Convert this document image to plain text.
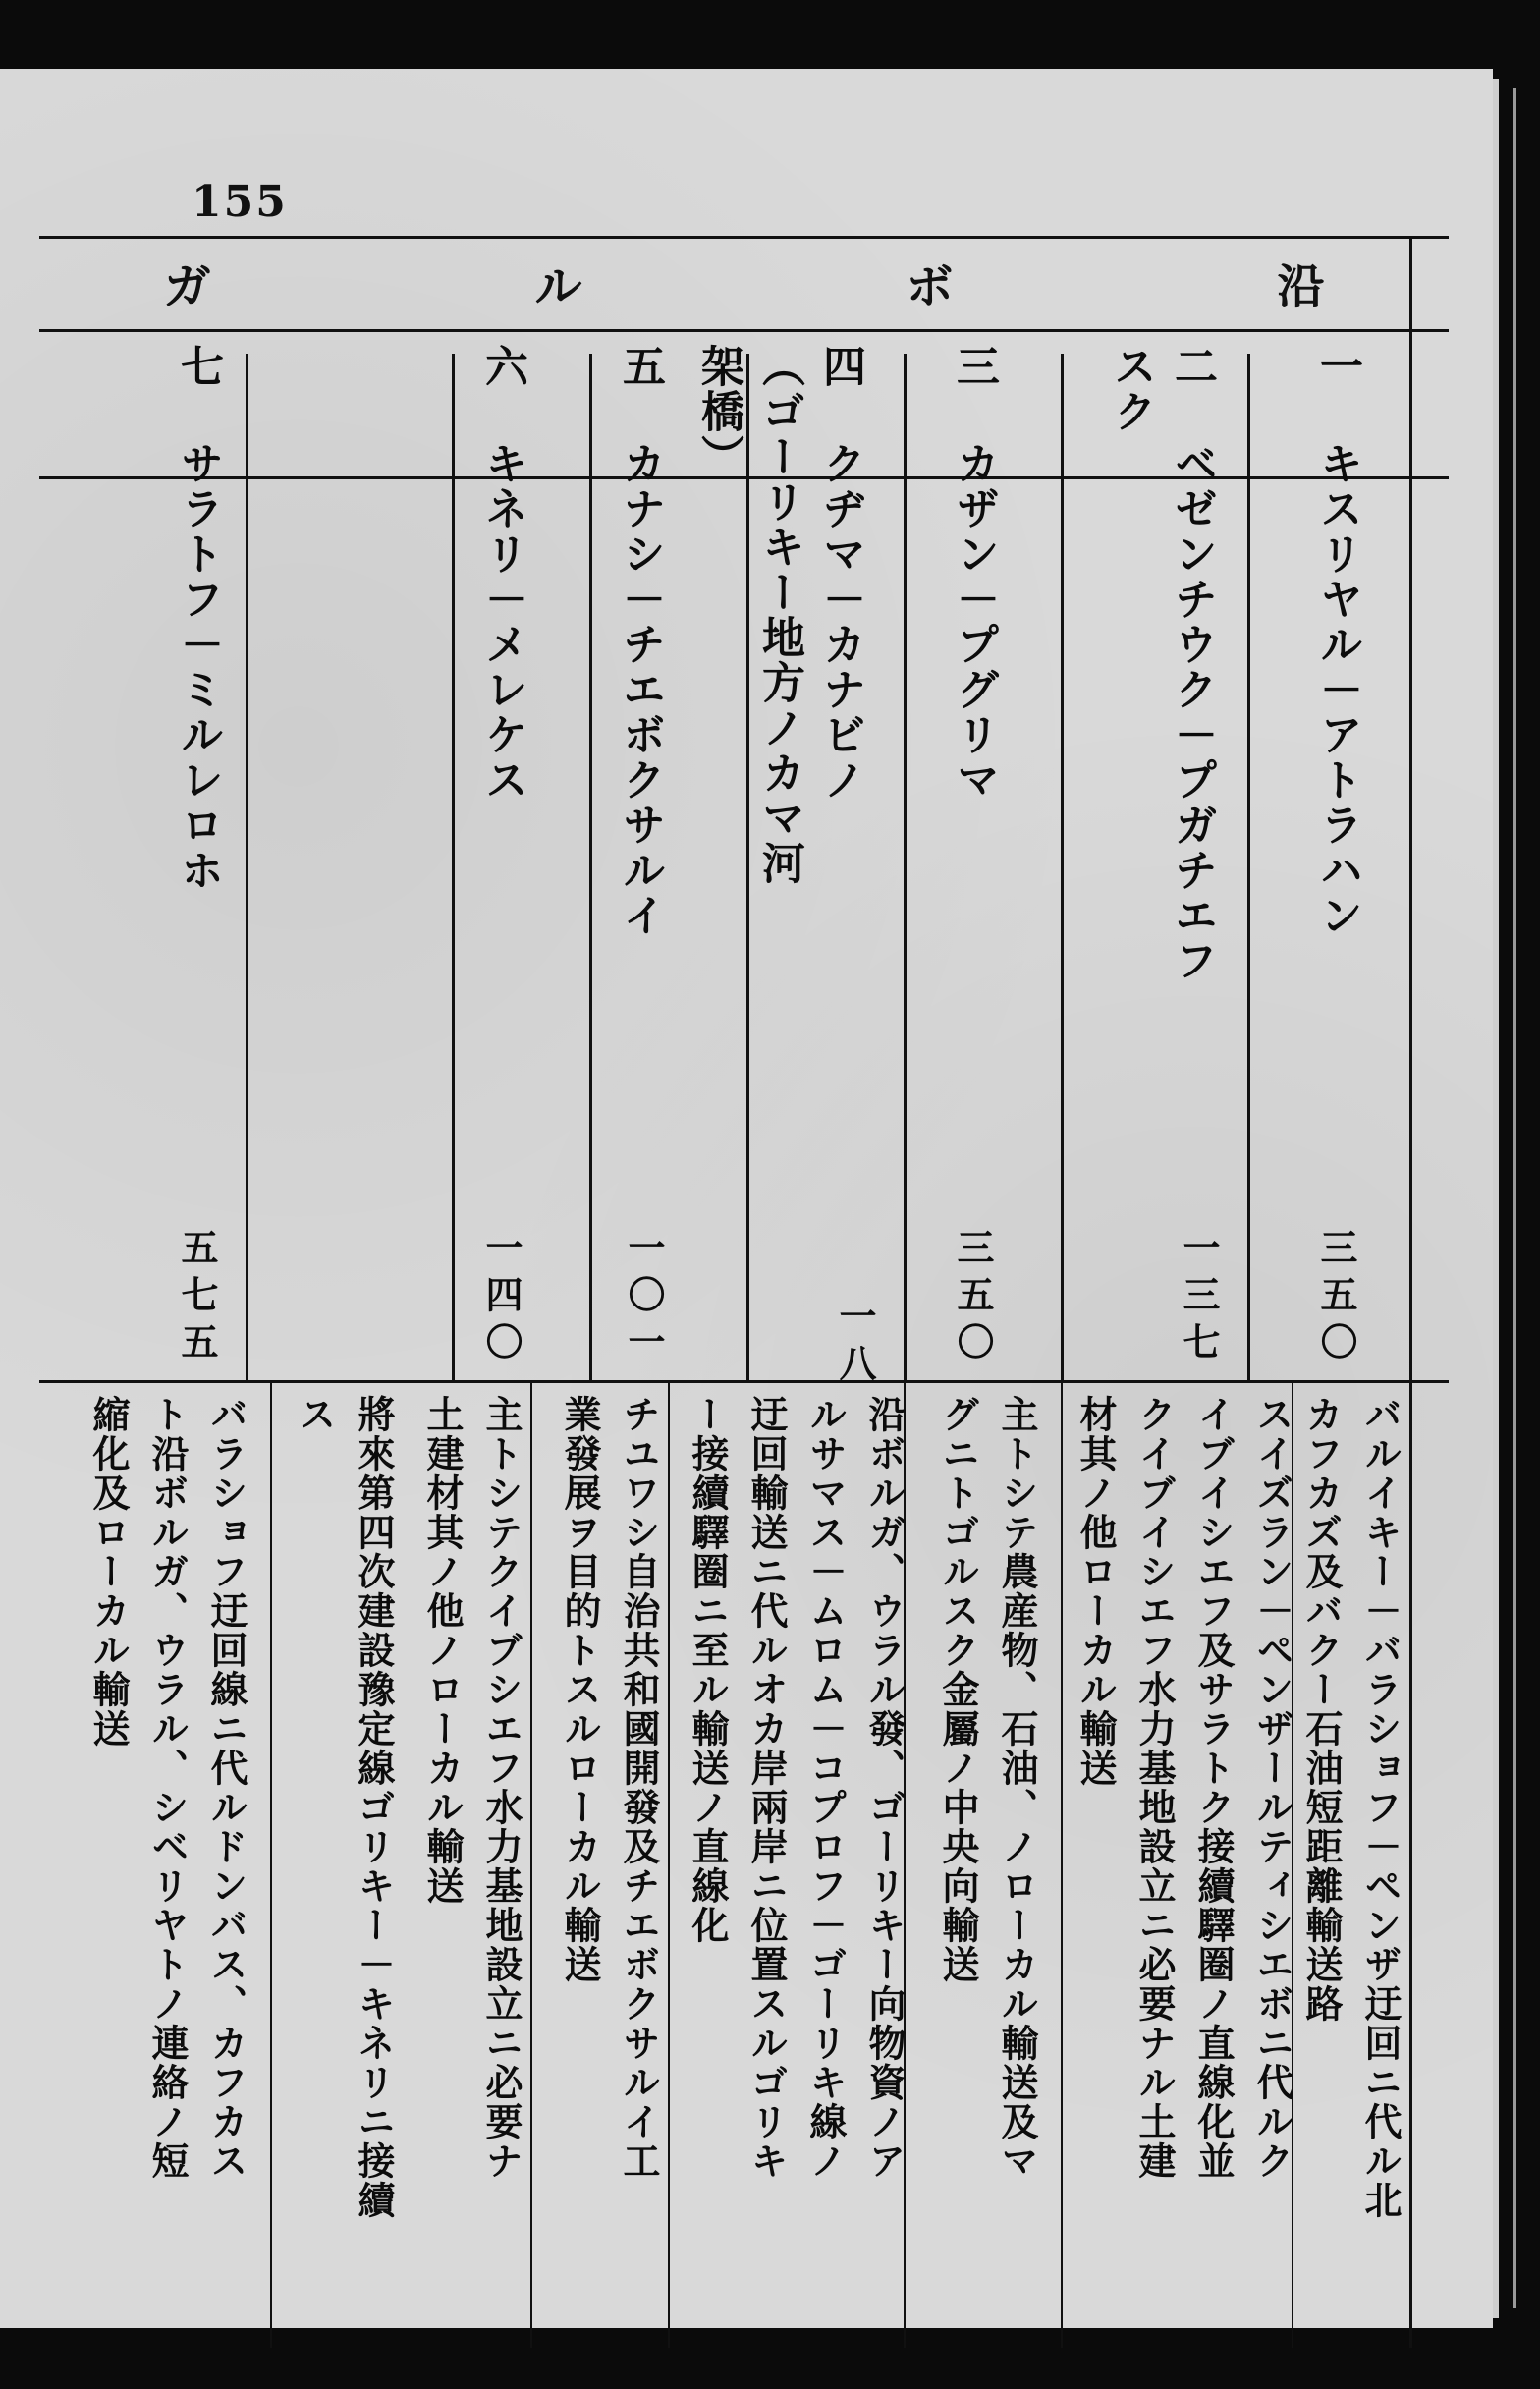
155
沿
ボ
ル
ガ
一 キスリヤル－アトラハン
三五〇
バルイキー－バラショフ－ペンザ迂回ニ代ル北
カフカズ及バクー石油短距離輸送路
二 ベゼンチウク－プガチエフ
スク
一三七
スイズラン－ペンザールティシエボニ代ルク
イブイシエフ及サラトク接續驛圈ノ直線化並
クイブイシエフ水力基地設立ニ必要ナル土建
材其ノ他ローカル輸送
三 カザン－プグリマ
三五〇
主トシテ農産物、石油、ノローカル輸送及マ
グニトゴルスク金屬ノ中央向輸送
四 クヂマ－カナビノ
（ゴーリキー地方ノカマ河
架橋）
一八
沿ボルガ、ウラル發、ゴーリキー向物資ノア
ルサマス－ムロム－コプロフ－ゴーリキ線ノ
迂回輸送ニ代ルオカ岸兩岸ニ位置スルゴリキ
ー接續驛圈ニ至ル輸送ノ直線化
五 カナシ－チエボクサルイ
一〇一
チユワシ自治共和國開發及チエボクサルイ工
業發展ヲ目的トスルローカル輸送
六 キネリ－メレケス
一四〇
主トシテクイブシエフ水力基地設立ニ必要ナ
土建材其ノ他ノローカル輸送
將來第四次建設豫定線ゴリキー－キネリニ接續
ス
七 サラトフ－ミルレロホ
五七五
バラショフ迂回線ニ代ルドンバス、カフカス
ト沿ボルガ、ウラル、シベリヤトノ連絡ノ短
縮化及ローカル輸送
